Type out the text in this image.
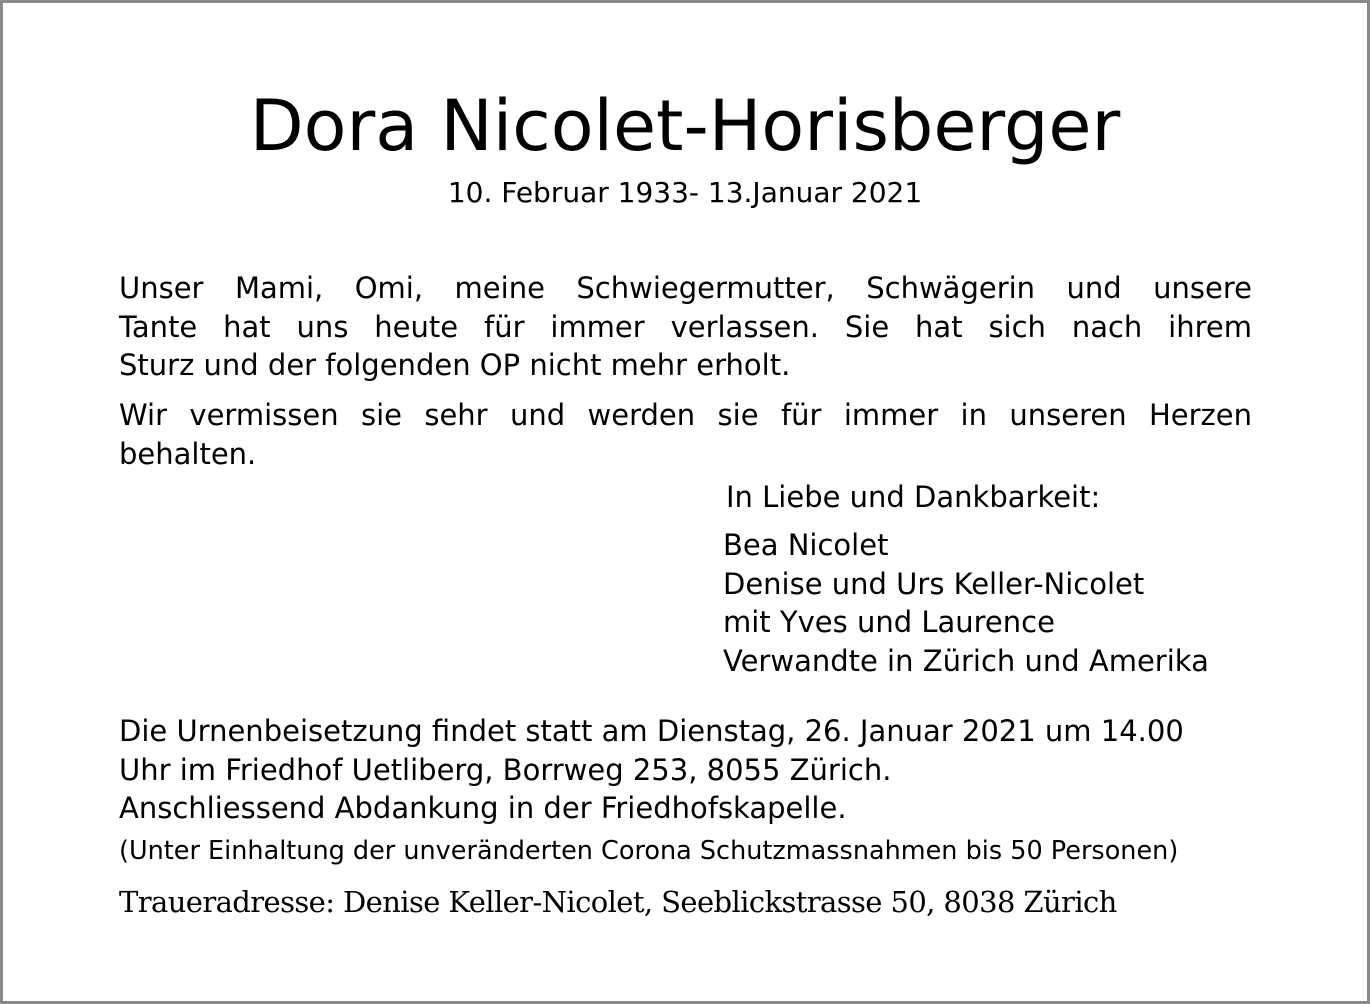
Dora Nicolet-Horisberger
10. Februar 1933- 13.Januar 2021
Unser Mami, Omi, meine Schwiegermutter, Schwägerin und unsere
Tante hat uns heute für immer verlassen. Sie hat sich nach ihrem
Sturz und der folgenden OP nicht mehr erholt.
Wir vermissen sie sehr und werden sie für immer in unseren Herzen
behalten.
In Liebe und Dankbarkeit:
Bea Nicolet
Denise und Urs Keller-Nicolet
mit Yves und Laurence
Verwandte in Zürich und Amerika
Die Urnenbeisetzung findet statt am Dienstag, 26. Januar 2021 um 14.00
Uhr im Friedhof Uetliberg, Borrweg 253, 8055 Zürich.
Anschliessend Abdankung in der Friedhofskapelle.
(Unter Einhaltung der unveränderten Corona Schutzmassnahmen bis 50 Personen)
Traueradresse: Denise Keller-Nicolet, Seeblickstrasse 50, 8038 Zürich
